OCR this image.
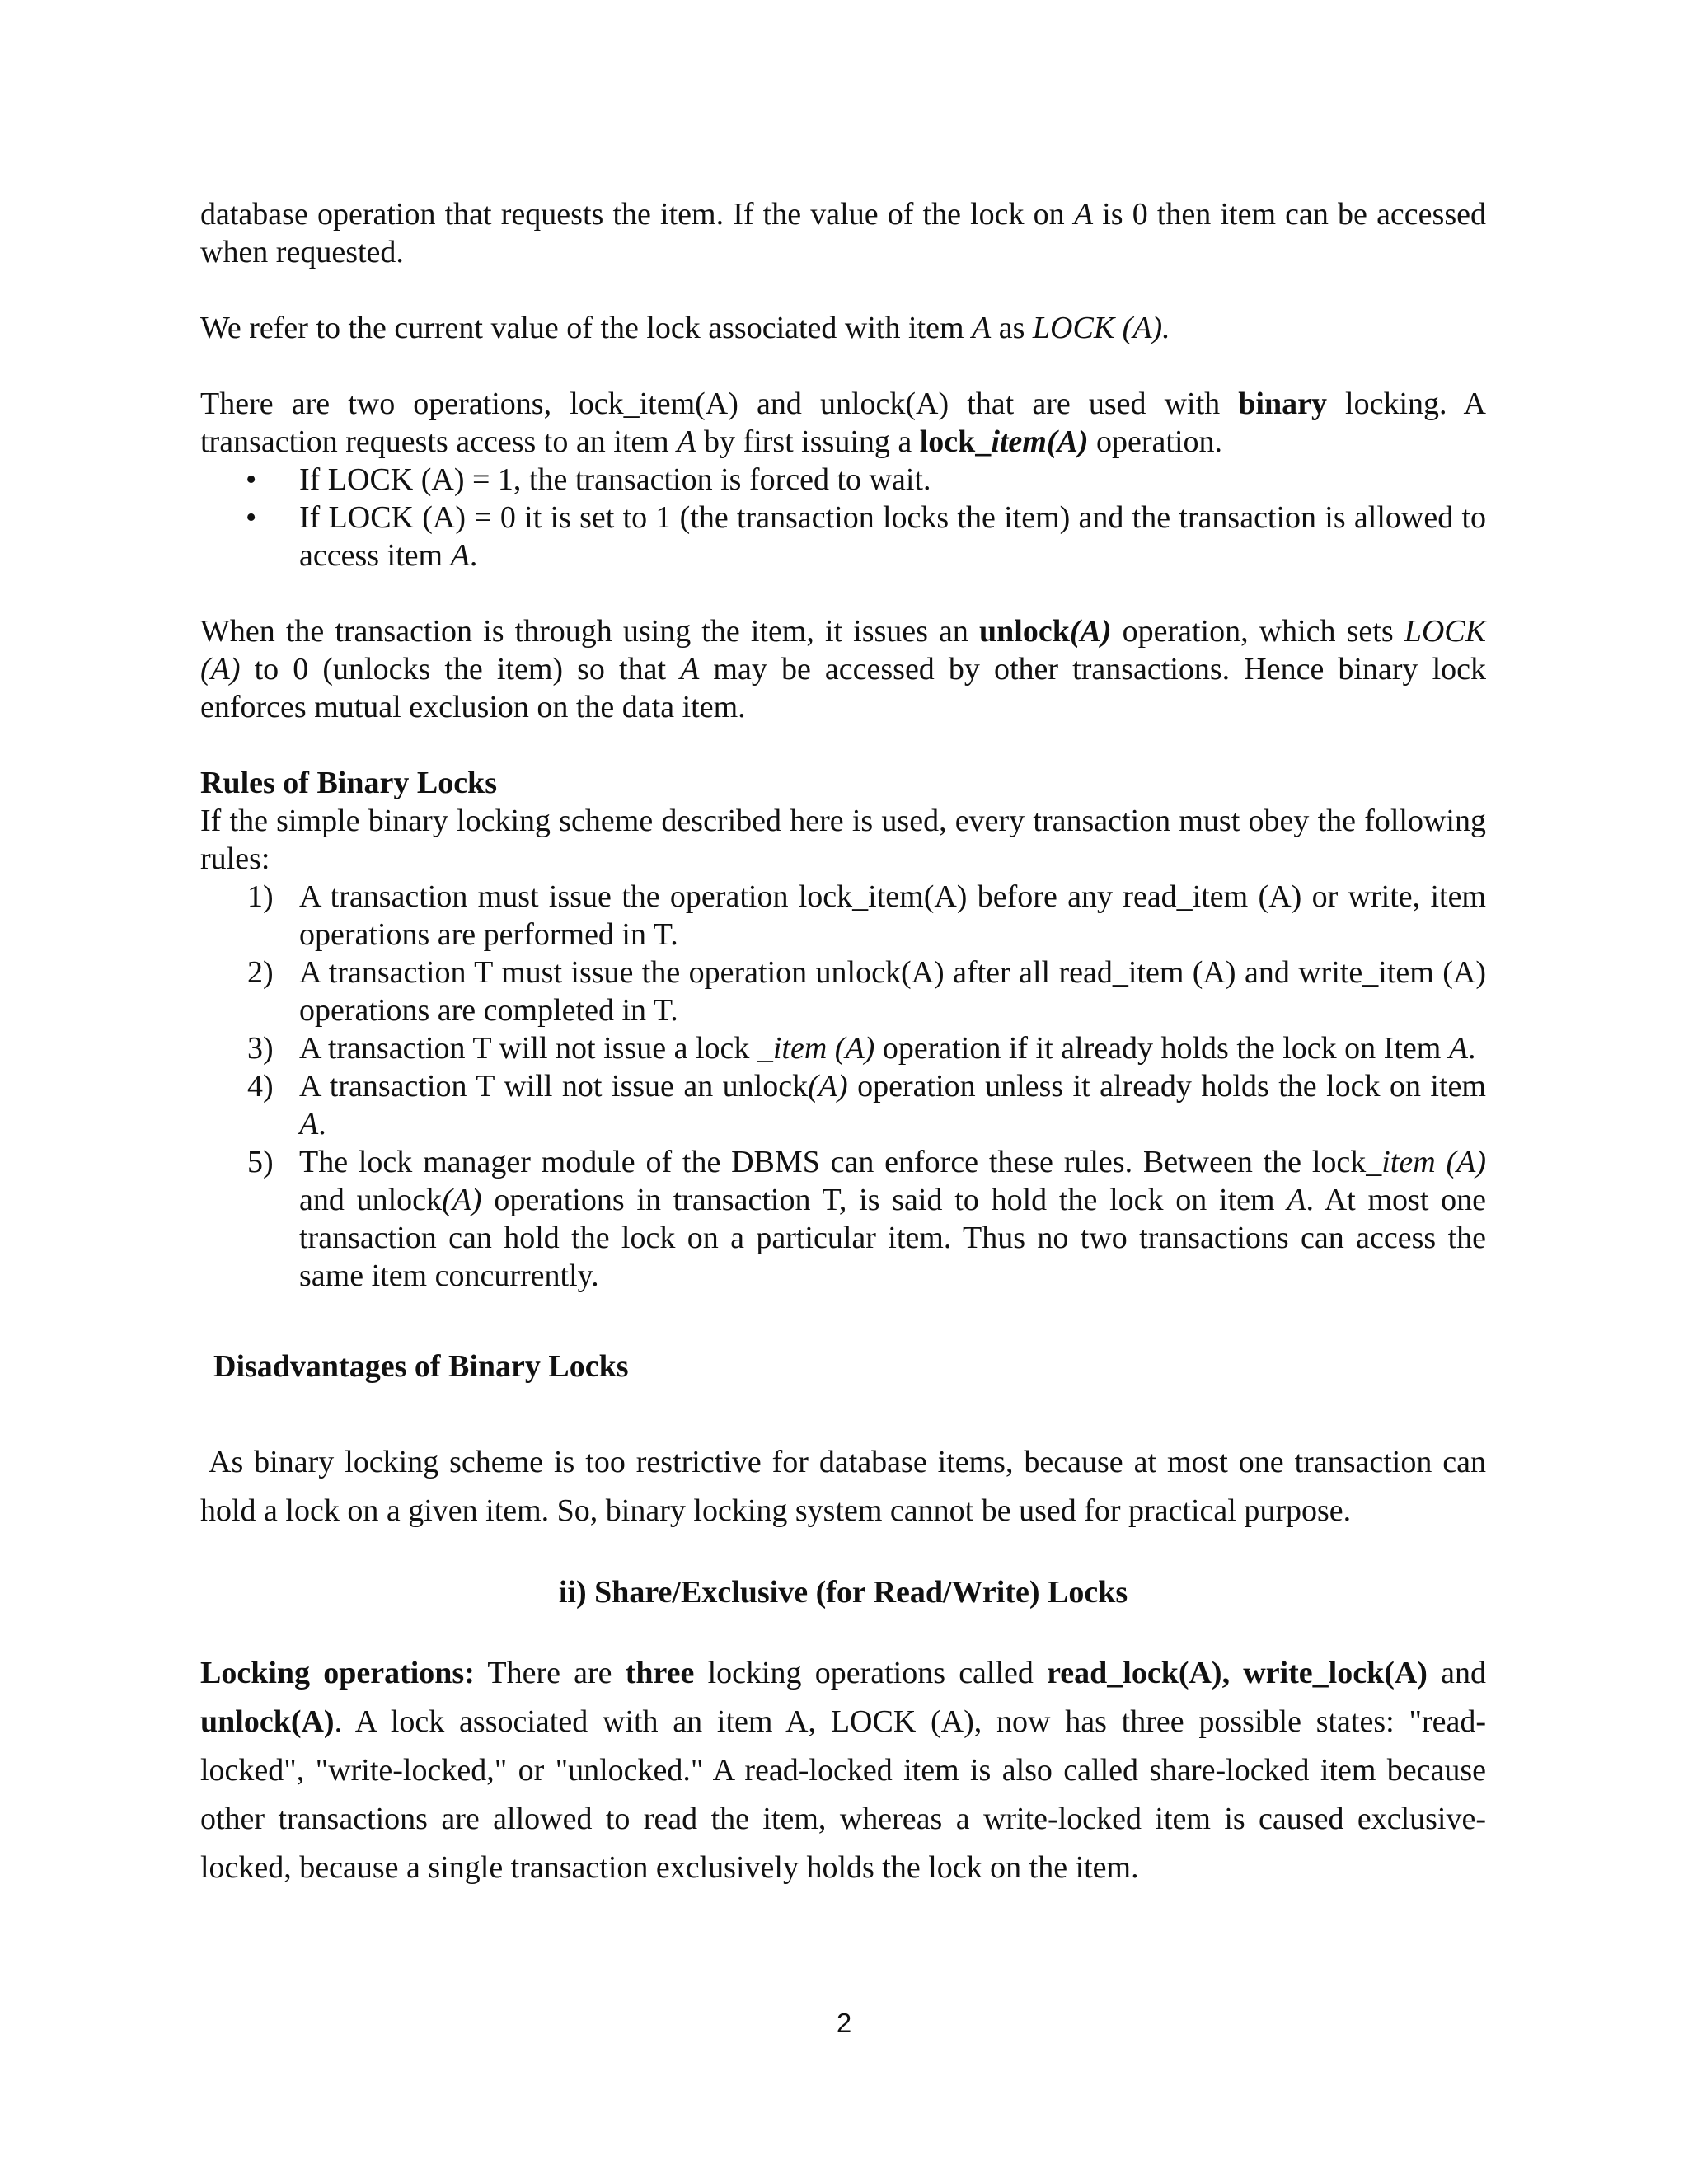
database operation that requests the item. If the value of the lock on A is 0 then item can be accessed when requested.

We refer to the current value of the lock associated with item A as LOCK (A).

There are two operations, lock_item(A) and unlock(A) that are used with binary locking. A transaction requests access to an item A by first issuing a lock_item(A) operation.

• If LOCK (A) = 1, the transaction is forced to wait.
• If LOCK (A) = 0 it is set to 1 (the transaction locks the item) and the transaction is allowed to access item A.

When the transaction is through using the item, it issues an unlock(A) operation, which sets LOCK (A) to 0 (unlocks the item) so that A may be accessed by other transactions. Hence binary lock enforces mutual exclusion on the data item.

Rules of Binary Locks

If the simple binary locking scheme described here is used, every transaction must obey the following rules:

1) A transaction must issue the operation lock_item(A) before any read_item (A) or write, item operations are performed in T.
2) A transaction T must issue the operation unlock(A) after all read_item (A) and write_item (A) operations are completed in T.
3) A transaction T will not issue a lock _item (A) operation if it already holds the lock on Item A.
4) A transaction T will not issue an unlock(A) operation unless it already holds the lock on item A.
5) The lock manager module of the DBMS can enforce these rules. Between the lock_item (A) and unlock(A) operations in transaction T, is said to hold the lock on item A. At most one transaction can hold the lock on a particular item. Thus no two transactions can access the same item concurrently.

Disadvantages of Binary Locks

As binary locking scheme is too restrictive for database items, because at most one transaction can hold a lock on a given item. So, binary locking system cannot be used for practical purpose.

ii) Share/Exclusive (for Read/Write) Locks

Locking operations: There are three locking operations called read_lock(A), write_lock(A) and unlock(A). A lock associated with an item A, LOCK (A), now has three possible states: "read-locked", "write-locked," or "unlocked." A read-locked item is also called share-locked item because other transactions are allowed to read the item, whereas a write-locked item is caused exclusive-locked, because a single transaction exclusively holds the lock on the item.

2
